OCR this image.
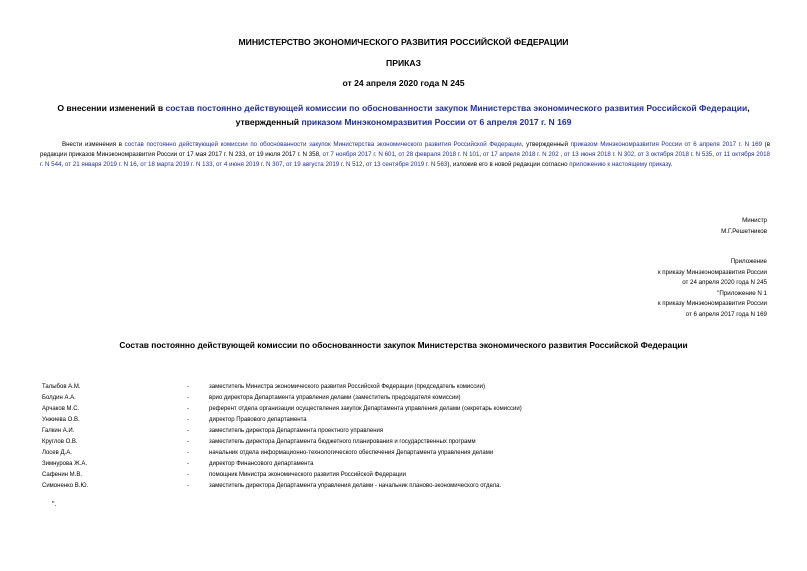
МИНИСТЕРСТВО ЭКОНОМИЧЕСКОГО РАЗВИТИЯ РОССИЙСКОЙ ФЕДЕРАЦИИ
ПРИКАЗ
от 24 апреля 2020 года N 245
О внесении изменений в состав постоянно действующей комиссии по обоснованности закупок Министерства экономического развития Российской Федерации, утвержденный приказом Минэкономразвития России от 6 апреля 2017 г. N 169
Внести изменения в состав постоянно действующей комиссии по обоснованности закупок Министерства экономического развития Российской Федерации, утвержденный приказом Минэкономразвития России от 6 апреля 2017 г. N 169 (в редакции приказов Минэкономразвития России от 17 мая 2017 г. N 233, от 19 июля 2017 г. N 358, от 7 ноября 2017 г. N 601, от 28 февраля 2018 г. N 101, от 17 апреля 2018 г. N 202 , от 13 июня 2018 г. N 302, от 3 октября 2018 г. N 535, от 11 октября 2018 г. N 544, от 21 января 2019 г. N 16, от 18 марта 2019 г. N 133, от 4 июня 2019 г. N 307, от 19 августа 2019 г. N 512, от 13 сентября 2019 г. N 563), изложив его в новой редакции согласно приложению к настоящему приказу.
Министр
М.Г.Решетников
Приложение
к приказу Минэкономразвития России
от 24 апреля 2020 года N 245
"Приложение N 1
к приказу Минэкономразвития России
от 6 апреля 2017 года N 169
Состав постоянно действующей комиссии по обоснованности закупок Министерства экономического развития Российской Федерации
Талыбов А.М.	-	заместитель Министра экономического развития Российской Федерации (председатель комиссии)
Болдин А.А.	-	врио директора Департамента управления делами (заместитель председателя комиссии)
Арчаков М.С.	-	референт отдела организации осуществления закупок Департамента управления делами (секретарь комиссии)
Унжиева О.В.	-	директор Правового департамента
Галкин А.И.	-	заместитель директора Департамента проектного управления
Круглов О.В.	-	заместитель директора Департамента бюджетного планирования и государственных программ
Лосев Д.А.	-	начальник отдела информационно-технологического обеспечения Департамента управления делами
Зимнурова Ж.А.	-	директор Финансового департамента
Сафенин М.В.	-	помощник Министра экономического развития Российской Федерации
Симоненко В.Ю.	-	заместитель директора Департамента управления делами - начальник планово-экономического отдела.
".
